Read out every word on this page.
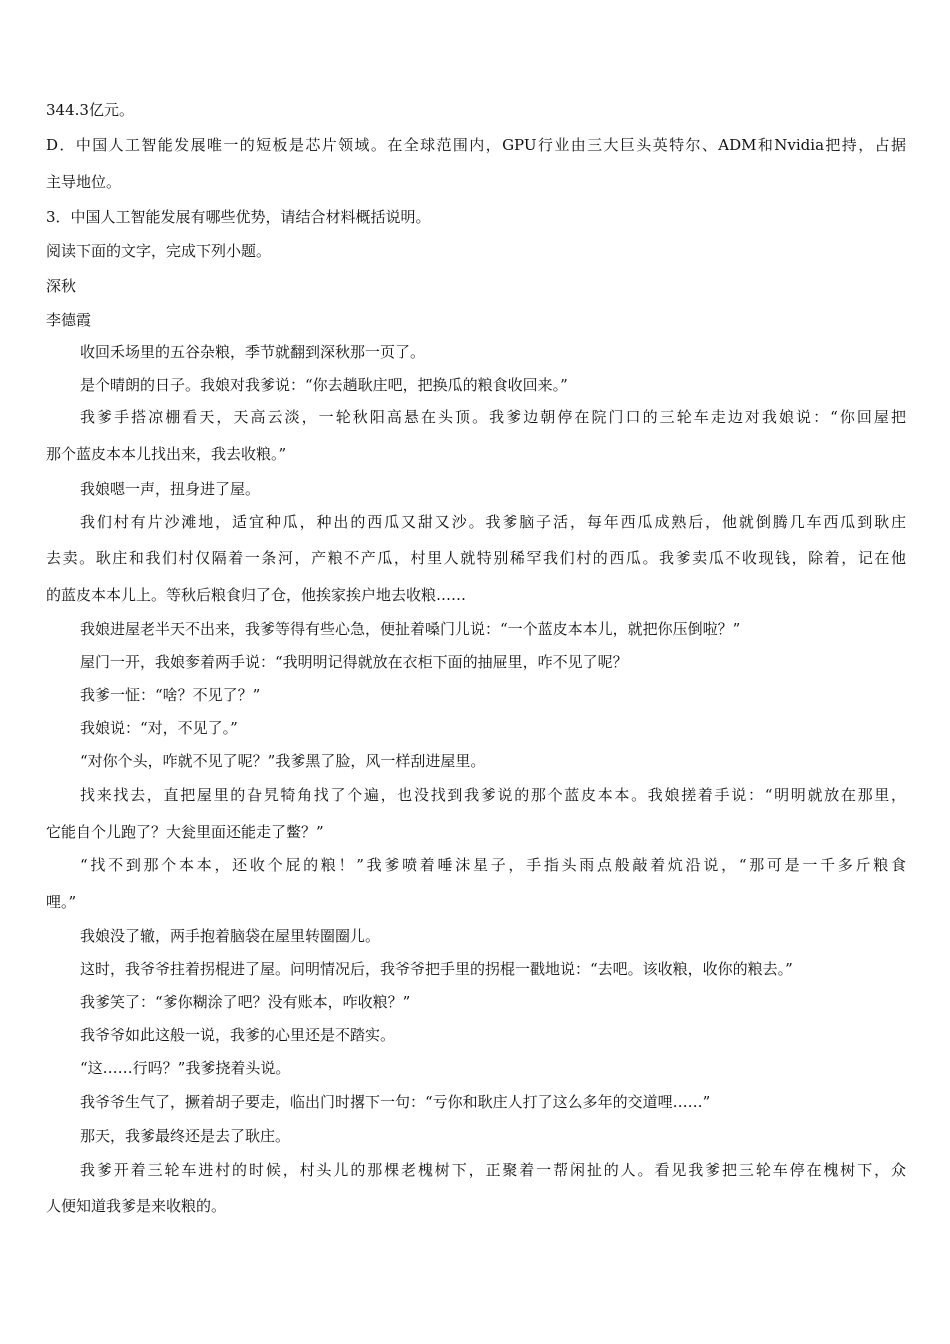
344.3亿元。
D．中国人工智能发展唯一的短板是芯片领域。在全球范围内，GPU行业由三大巨头英特尔、ADM和Nvidia把持，占据
主导地位。
3．中国人工智能发展有哪些优势，请结合材料概括说明。
阅读下面的文字，完成下列小题。
深秋
李德霞
收回禾场里的五谷杂粮，季节就翻到深秋那一页了。
是个晴朗的日子。我娘对我爹说：“你去趟耿庄吧，把换瓜的粮食收回来。”
我爹手搭凉棚看天，天高云淡，一轮秋阳高悬在头顶。我爹边朝停在院门口的三轮车走边对我娘说：“你回屋把
那个蓝皮本本儿找出来，我去收粮。”
我娘嗯一声，扭身进了屋。
我们村有片沙滩地，适宜种瓜，种出的西瓜又甜又沙。我爹脑子活，每年西瓜成熟后，他就倒腾几车西瓜到耿庄
去卖。耿庄和我们村仅隔着一条河，产粮不产瓜，村里人就特别稀罕我们村的西瓜。我爹卖瓜不收现钱，除着，记在他
的蓝皮本本儿上。等秋后粮食归了仓，他挨家挨户地去收粮……
我娘进屋老半天不出来，我爹等得有些心急，便扯着嗓门儿说：“一个蓝皮本本儿，就把你压倒啦？”
屋门一开，我娘奓着两手说：“我明明记得就放在衣柜下面的抽屉里，咋不见了呢？
我爹一怔：“啥？不见了？”
我娘说：“对，不见了。”
“对你个头，咋就不见了呢？”我爹黑了脸，风一样刮进屋里。
找来找去，直把屋里的旮旯犄角找了个遍，也没找到我爹说的那个蓝皮本本。我娘搓着手说：“明明就放在那里，
它能自个儿跑了？大瓮里面还能走了鳖？”
“找不到那个本本，还收个屁的粮！”我爹喷着唾沫星子，手指头雨点般敲着炕沿说，“那可是一千多斤粮食
哩。”
我娘没了辙，两手抱着脑袋在屋里转圈圈儿。
这时，我爷爷拄着拐棍进了屋。问明情况后，我爷爷把手里的拐棍一戳地说：“去吧。该收粮，收你的粮去。”
我爹笑了：“爹你糊涂了吧？没有账本，咋收粮？”
我爷爷如此这般一说，我爹的心里还是不踏实。
“这……行吗？”我爹挠着头说。
我爷爷生气了，撅着胡子要走，临出门时撂下一句：“亏你和耿庄人打了这么多年的交道哩……”
那天，我爹最终还是去了耿庄。
我爹开着三轮车进村的时候，村头儿的那棵老槐树下，正聚着一帮闲扯的人。看见我爹把三轮车停在槐树下，众
人便知道我爹是来收粮的。
